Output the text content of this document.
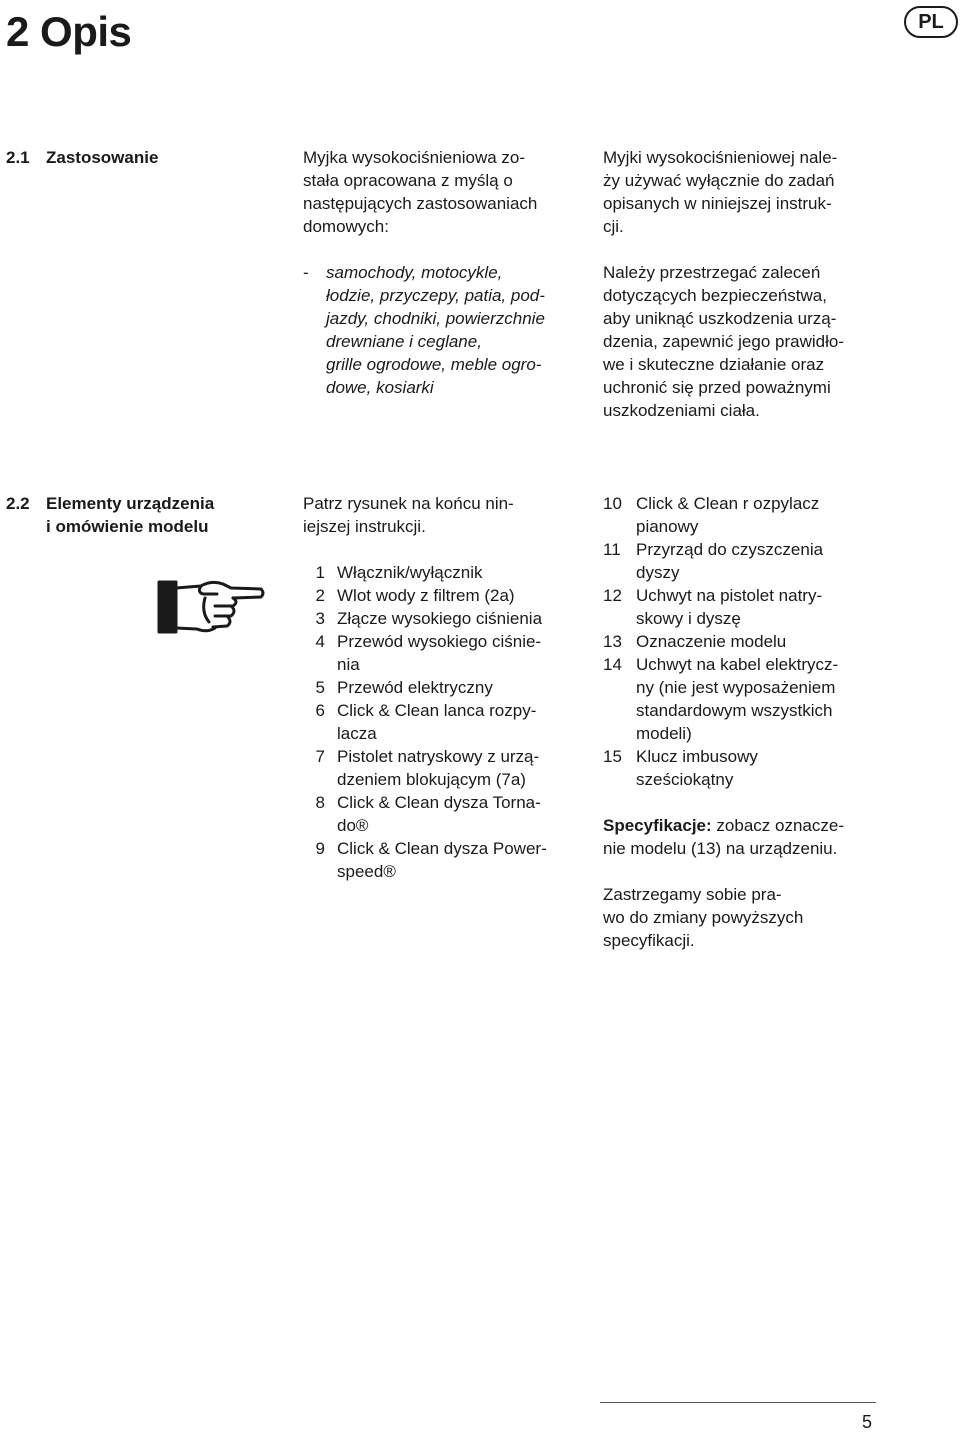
2 Opis	PL
2.1 Zastosowanie	Myjka wysokociśnieniowa zo-
stała opracowana z myślą o
następujących zastosowaniach
domowych:

- samochody, motocykle,
łodzie, przyczepy, patia, pod-
jazdy, chodniki, powierzchnie
drewniane i ceglane,
grille ogrodowe, meble ogro-
dowe, kosiarki

Myjki wysokociśnieniowej nale-
ży używać wyłącznie do zadań
opisanych w niniejszej instruk-
cji.

Należy przestrzegać zaleceń
dotyczących bezpieczeństwa,
aby uniknąć uszkodzenia urzą-
dzenia, zapewnić jego prawidło-
we i skuteczne działanie oraz
uchronić się przed poważnymi
uszkodzeniami ciała.

2.2 Elementy urządzenia
i omówienie modelu

Patrz rysunek na końcu nin-
iejszej instrukcji.

1 Włącznik/wyłącznik
2 Wlot wody z filtrem (2a)
3 Złącze wysokiego ciśnienia
4 Przewód wysokiego ciśnie-
nia
5 Przewód elektryczny
6 Click & Clean lanca rozpy-
lacza
7 Pistolet natryskowy z urzą-
dzeniem blokującym (7a)
8 Click & Clean dysza Torna-
do®
9 Click & Clean dysza Power-
speed®
10 Click & Clean r ozpylacz
pianowy
11 Przyrząd do czyszczenia
dyszy
12 Uchwyt na pistolet natry-
skowy i dyszę
13 Oznaczenie modelu
14 Uchwyt na kabel elektrycz-
ny (nie jest wyposażeniem
standardowym wszystkich
modeli)
15 Klucz imbusowy
sześciokątny

Specyfikacje: zobacz oznacze-
nie modelu (13) na urządzeniu.

Zastrzegamy sobie pra-
wo do zmiany powyższych
specyfikacji.

5
